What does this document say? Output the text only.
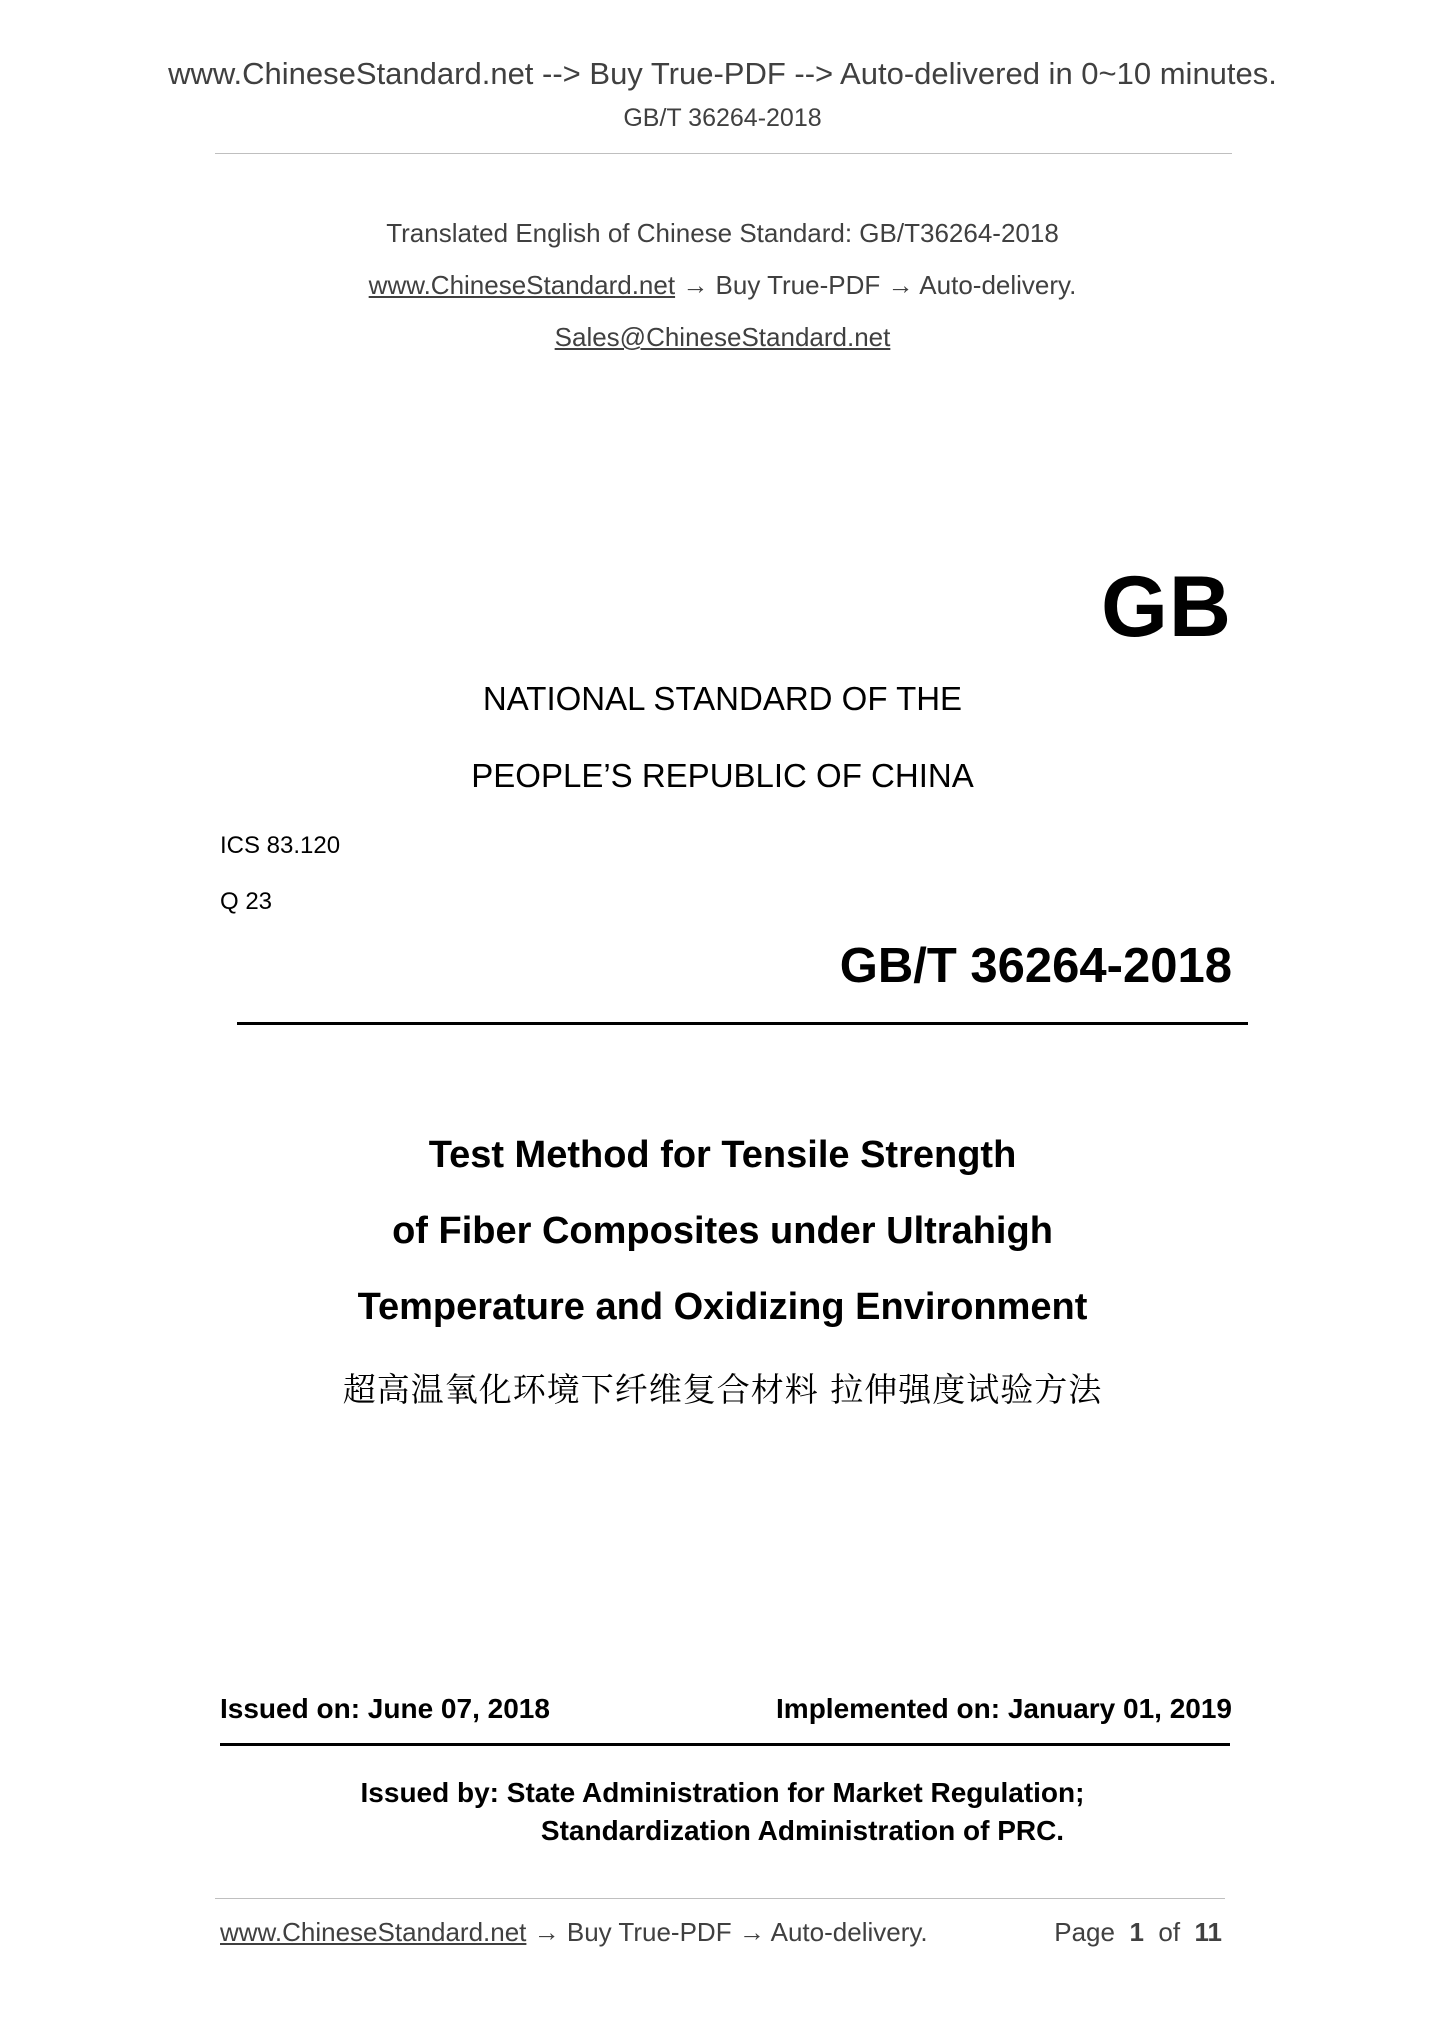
www.ChineseStandard.net --> Buy True-PDF --> Auto-delivered in 0~10 minutes.
GB/T 36264-2018
Translated English of Chinese Standard: GB/T36264-2018
www.ChineseStandard.net → Buy True-PDF → Auto-delivery.
Sales@ChineseStandard.net
GB
NATIONAL STANDARD OF THE
PEOPLE’S REPUBLIC OF CHINA
ICS 83.120
Q 23
GB/T 36264-2018
Test Method for Tensile Strength
of Fiber Composites under Ultrahigh
Temperature and Oxidizing Environment
超高温氧化环境下纤维复合材料 拉伸强度试验方法
Issued on: June 07, 2018	Implemented on: January 01, 2019
Issued by: State Administration for Market Regulation;
Standardization Administration of PRC.
www.ChineseStandard.net → Buy True-PDF → Auto-delivery.	Page 1 of 11
